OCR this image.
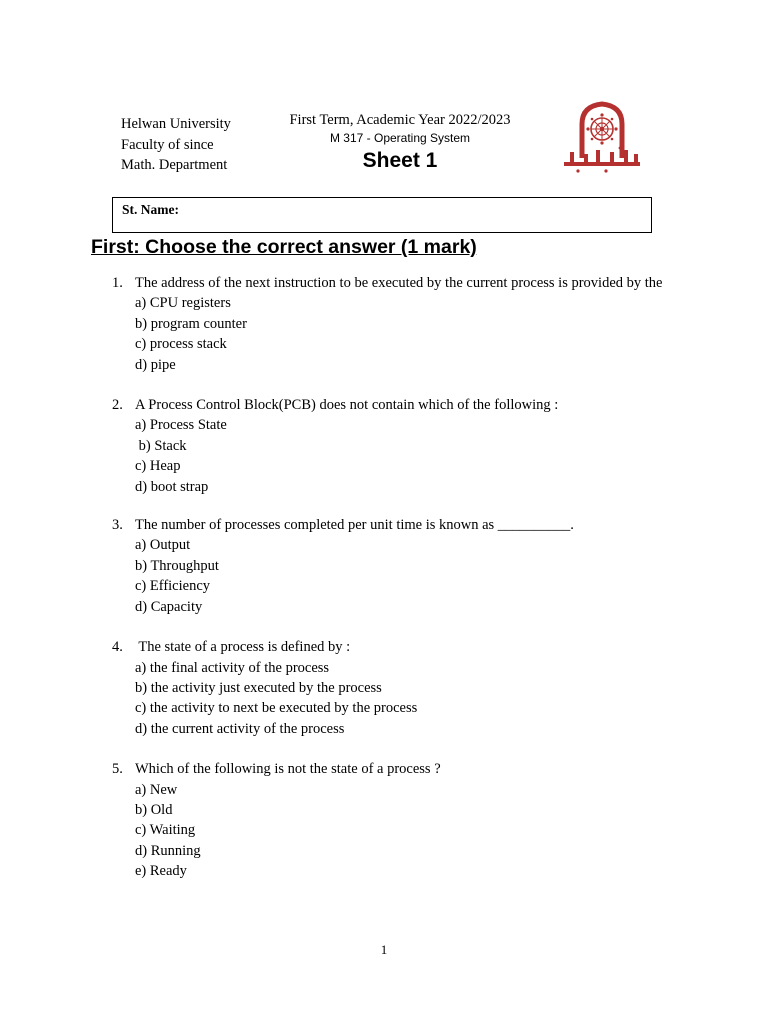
Helwan University
Faculty of since
Math. Department
First Term, Academic Year 2022/2023
M 317 - Operating System
Sheet 1
St. Name:
First: Choose the correct answer (1 mark)
1. The address of the next instruction to be executed by the current process is provided by the
a) CPU registers
b) program counter
c) process stack
d) pipe
2. A Process Control Block(PCB) does not contain which of the following :
a) Process State
b) Stack
c) Heap
d) boot strap
3. The number of processes completed per unit time is known as __________.
a) Output
b) Throughput
c) Efficiency
d) Capacity
4. The state of a process is defined by :
a) the final activity of the process
b) the activity just executed by the process
c) the activity to next be executed by the process
d) the current activity of the process
5. Which of the following is not the state of a process ?
a) New
b) Old
c) Waiting
d) Running
e) Ready
1
